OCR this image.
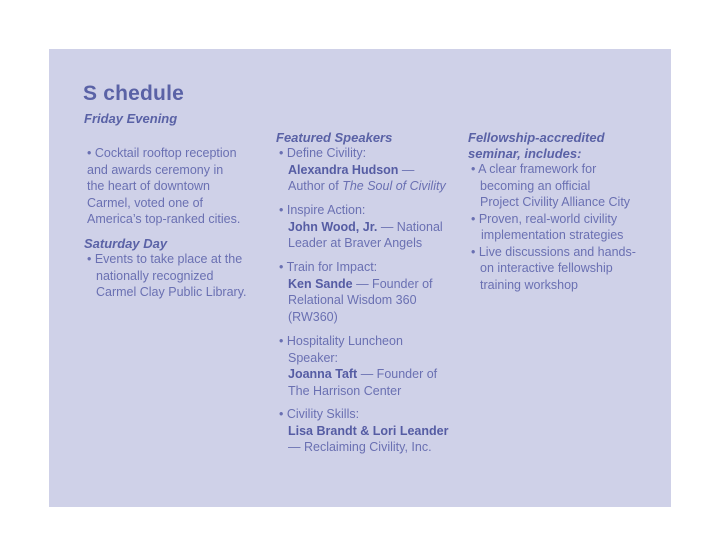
S chedule
Friday Evening
• Cocktail rooftop reception
and awards ceremony in
the heart of downtown
Carmel, voted one of
America’s top-ranked cities.
Saturday Day
• Events to take place at the
nationally recognized
Carmel Clay Public Library.
Featured Speakers
• Define Civility:
Alexandra Hudson —
Author of The Soul of Civility
• Inspire Action:
John Wood, Jr. — National
Leader at Braver Angels
• Train for Impact:
Ken Sande — Founder of
Relational Wisdom 360
(RW360)
• Hospitality Luncheon
Speaker:
Joanna Taft — Founder of
The Harrison Center
• Civility Skills:
Lisa Brandt & Lori Leander
— Reclaiming Civility, Inc.
Fellowship-accredited
seminar, includes:
• A clear framework for
becoming an official
Project Civility Alliance City
• Proven, real-world civility
implementation strategies
• Live discussions and hands-
on interactive fellowship
training workshop
